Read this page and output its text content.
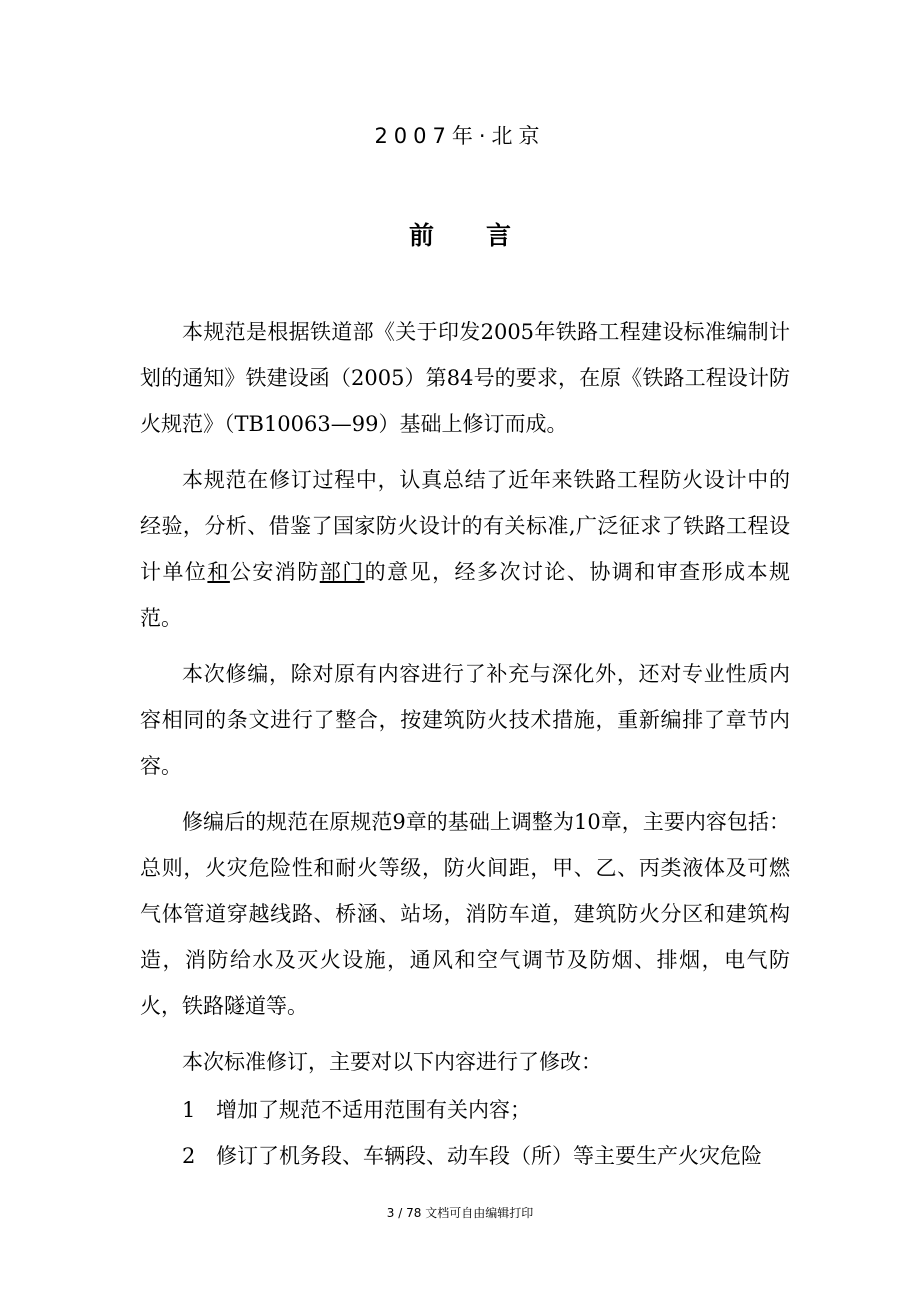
2007年·北京
前 言

本规范是根据铁道部《关于印发2005年铁路工程建设标准编制计划的通知》铁建设函（2005）第84号的要求，在原《铁路工程设计防火规范》（TB10063—99）基础上修订而成。

本规范在修订过程中，认真总结了近年来铁路工程防火设计中的经验，分析、借鉴了国家防火设计的有关标准,广泛征求了铁路工程设计单位和公安消防部门的意见，经多次讨论、协调和审查形成本规范。

本次修编，除对原有内容进行了补充与深化外，还对专业性质内容相同的条文进行了整合，按建筑防火技术措施，重新编排了章节内容。

修编后的规范在原规范9章的基础上调整为10章，主要内容包括：总则，火灾危险性和耐火等级，防火间距，甲、乙、丙类液体及可燃气体管道穿越线路、桥涵、站场，消防车道，建筑防火分区和建筑构造，消防给水及灭火设施，通风和空气调节及防烟、排烟，电气防火，铁路隧道等。

本次标准修订，主要对以下内容进行了修改：

1 增加了规范不适用范围有关内容；

2 修订了机务段、车辆段、动车段（所）等主要生产火灾危险

3 / 78 文档可自由编辑打印
